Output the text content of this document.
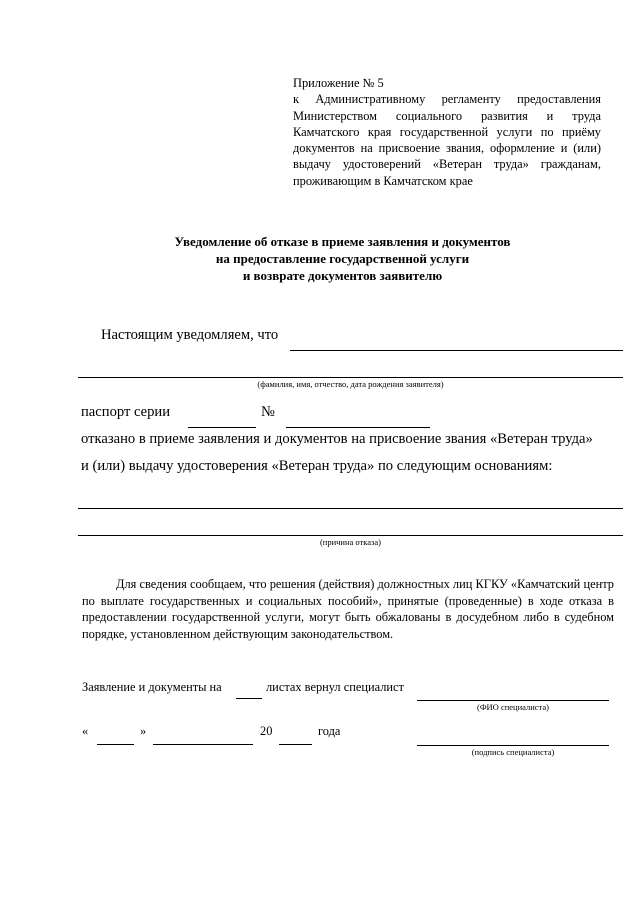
Приложение № 5
к Административному регламенту предоставления Министерством социального развития и труда Камчатского края государственной услуги по приёму документов на присвоение звания, оформление и (или) выдачу удостоверений «Ветеран труда» гражданам, проживающим в Камчатском крае
Уведомление об отказе в приеме заявления и документов
на предоставление государственной услуги
и возврате документов заявителю
Настоящим уведомляем, что
(фамилия, имя, отчество, дата рождения заявителя)
паспорт серии	№
отказано в приеме заявления и документов на присвоение звания «Ветеран труда»
и (или) выдачу удостоверения «Ветеран труда» по следующим основаниям:
(причина отказа)
Для сведения сообщаем, что решения (действия) должностных лиц КГКУ «Камчатский центр по выплате государственных и социальных пособий», принятые (проведенные) в ходе отказа в предоставлении государственной услуги, могут быть обжалованы в досудебном либо в судебном порядке, установленном действующим законодательством.
Заявление и документы на	листах вернул специалист
(ФИО специалиста)
«	»	20	года
(подпись специалиста)
